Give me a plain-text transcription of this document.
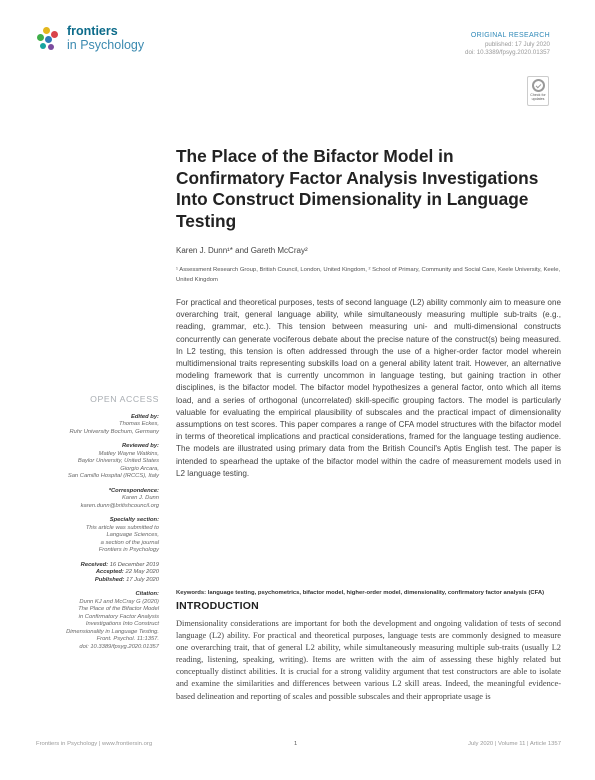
frontiers
in Psychology
ORIGINAL RESEARCH
published: 17 July 2020
doi: 10.3389/fpsyg.2020.01357
Check for updates
The Place of the Bifactor Model in Confirmatory Factor Analysis Investigations Into Construct Dimensionality in Language Testing
Karen J. Dunn¹* and Gareth McCray²
¹ Assessment Research Group, British Council, London, United Kingdom, ² School of Primary, Community and Social Care, Keele University, Keele, United Kingdom

For practical and theoretical purposes, tests of second language (L2) ability commonly aim to measure one overarching trait, general language ability, while simultaneously measuring multiple sub-traits (e.g., reading, grammar, etc.). This tension between measuring uni- and multi-dimensional constructs concurrently can generate vociferous debate about the precise nature of the construct(s) being measured. In L2 testing, this tension is often addressed through the use of a higher-order factor model wherein multidimensional traits representing subskills load on a general ability latent trait. However, an alternative modeling framework that is currently uncommon in language testing, but gaining traction in other disciplines, is the bifactor model. The bifactor model hypothesizes a general factor, onto which all items load, and a series of orthogonal (uncorrelated) skill-specific grouping factors. The model is particularly valuable for evaluating the empirical plausibility of subscales and the practical impact of dimensionality assumptions on test scores. This paper compares a range of CFA model structures with the bifactor model in terms of theoretical implications and practical considerations, framed for the language testing audience. The models are illustrated using primary data from the British Council's Aptis English test. The paper is intended to spearhead the uptake of the bifactor model within the cadre of measurement models used in L2 language testing.

Keywords: language testing, psychometrics, bifactor model, higher-order model, dimensionality, confirmatory factor analysis (CFA)
INTRODUCTION

Dimensionality considerations are important for both the development and ongoing validation of tests of second language (L2) ability. For practical and theoretical purposes, language tests are commonly designed to measure one overarching trait, that of general L2 ability, while simultaneously measuring multiple sub-traits (usually L2 reading, listening, speaking, writing). Items are written with the aim of assessing these highly related but conceptually distinct abilities. It is crucial for a strong validity argument that test constructors are able to isolate and examine the similarities and differences between various L2 skill areas. Indeed, the meaningful evidence-based delineation and reporting of scales and possible subscales and their appropriate usage is

OPEN ACCESS
Edited by:
Thomas Eckes,
Ruhr University Bochum, Germany
Reviewed by:
Matley Wayne Watkins,
Baylor University, United States
Giorgio Arcara,
San Camillo Hospital (IRCCS), Italy
*Correspondence:
Karen J. Dunn
karen.dunn@britishcouncil.org
Specialty section:
This article was submitted to
Language Sciences,
a section of the journal
Frontiers in Psychology
Received: 16 December 2019
Accepted: 22 May 2020
Published: 17 July 2020
Citation:
Dunn KJ and McCray G (2020)
The Place of the Bifactor Model
in Confirmatory Factor Analysis
Investigations Into Construct
Dimensionality in Language Testing.
Front. Psychol. 11:1357.
doi: 10.3389/fpsyg.2020.01357
Frontiers in Psychology | www.frontiersin.org	1	July 2020 | Volume 11 | Article 1357
